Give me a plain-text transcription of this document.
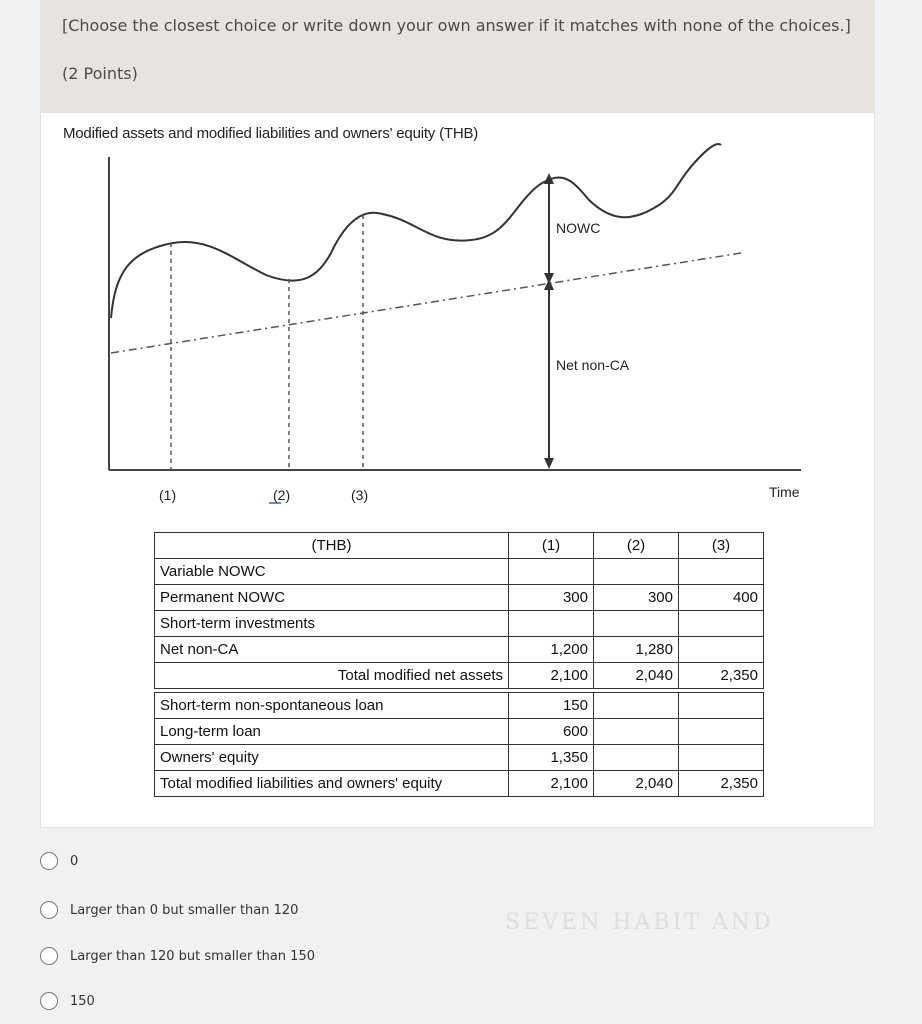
SEVEN HABIT AND
[Choose the closest choice or write down your own answer if it matches with none of the choices.]
(2 Points)
Modified assets and modified liabilities and owners' equity (THB)
NOWC
Net non-CA
Time
(1)	(2)	(3)
(THB)	(1)	(2)	(3)
Variable NOWC			
Permanent NOWC	300	300	400
Short-term investments			
Net non-CA	1,200	1,280	
Total modified net assets	2,100	2,040	2,350

Short-term non-spontaneous loan	150		
Long-term loan	600		
Owners' equity	1,350		
Total modified liabilities and owners' equity	2,100	2,040	2,350
0
Larger than 0 but smaller than 120
Larger than 120 but smaller than 150
150
